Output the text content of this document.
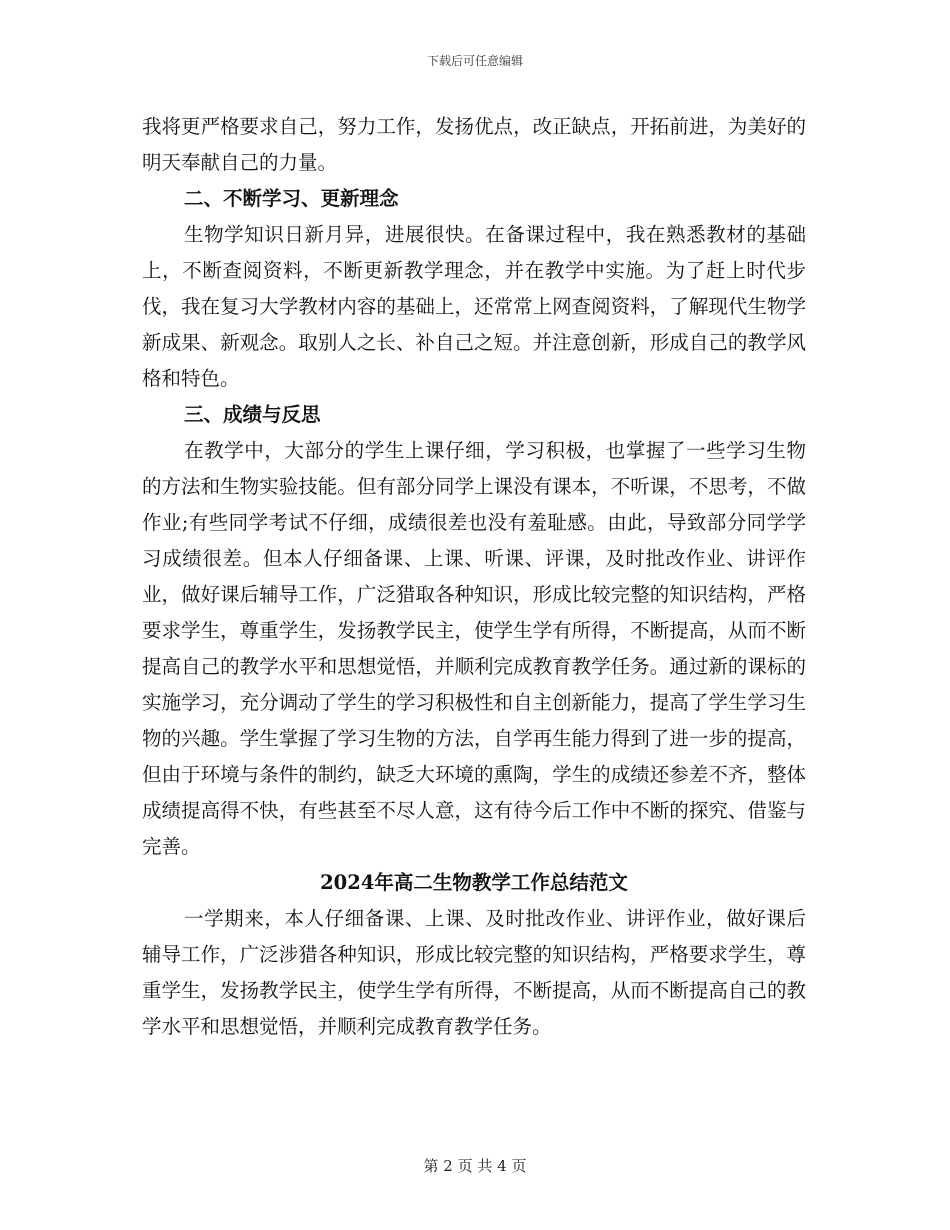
下载后可任意编辑

我将更严格要求自己，努力工作，发扬优点，改正缺点，开拓前进，为美好的明天奉献自己的力量。

二、不断学习、更新理念

生物学知识日新月异，进展很快。在备课过程中，我在熟悉教材的基础上，不断查阅资料，不断更新教学理念，并在教学中实施。为了赶上时代步伐，我在复习大学教材内容的基础上，还常常上网查阅资料，了解现代生物学新成果、新观念。取别人之长、补自己之短。并注意创新，形成自己的教学风格和特色。

三、成绩与反思

在教学中，大部分的学生上课仔细，学习积极，也掌握了一些学习生物的方法和生物实验技能。但有部分同学上课没有课本，不听课，不思考，不做作业;有些同学考试不仔细，成绩很差也没有羞耻感。由此，导致部分同学学习成绩很差。但本人仔细备课、上课、听课、评课，及时批改作业、讲评作业，做好课后辅导工作，广泛猎取各种知识，形成比较完整的知识结构，严格要求学生，尊重学生，发扬教学民主，使学生学有所得，不断提高，从而不断提高自己的教学水平和思想觉悟，并顺利完成教育教学任务。通过新的课标的实施学习，充分调动了学生的学习积极性和自主创新能力，提高了学生学习生物的兴趣。学生掌握了学习生物的方法，自学再生能力得到了进一步的提高，但由于环境与条件的制约，缺乏大环境的熏陶，学生的成绩还参差不齐，整体成绩提高得不快，有些甚至不尽人意，这有待今后工作中不断的探究、借鉴与完善。

2024年高二生物教学工作总结范文

一学期来，本人仔细备课、上课、及时批改作业、讲评作业，做好课后辅导工作，广泛涉猎各种知识，形成比较完整的知识结构，严格要求学生，尊重学生，发扬教学民主，使学生学有所得，不断提高，从而不断提高自己的教学水平和思想觉悟，并顺利完成教育教学任务。

第 2 页 共 4 页
